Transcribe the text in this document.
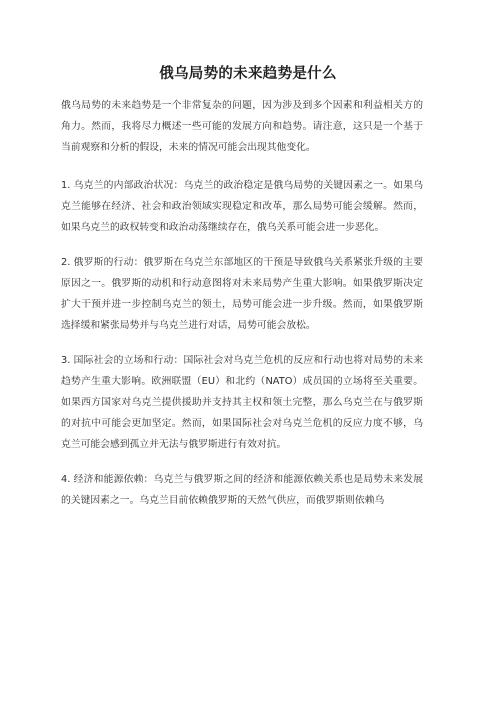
俄乌局势的未来趋势是什么

俄乌局势的未来趋势是一个非常复杂的问题，因为涉及到多个因素和利益相关方的角力。然而，我将尽力概述一些可能的发展方向和趋势。请注意，这只是一个基于当前观察和分析的假设，未来的情况可能会出现其他变化。

1. 乌克兰的内部政治状况：乌克兰的政治稳定是俄乌局势的关键因素之一。如果乌克兰能够在经济、社会和政治领域实现稳定和改革，那么局势可能会缓解。然而，如果乌克兰的政权转变和政治动荡继续存在，俄乌关系可能会进一步恶化。

2. 俄罗斯的行动：俄罗斯在乌克兰东部地区的干预是导致俄乌关系紧张升级的主要原因之一。俄罗斯的动机和行动意图将对未来局势产生重大影响。如果俄罗斯决定扩大干预并进一步控制乌克兰的领土，局势可能会进一步升级。然而，如果俄罗斯选择缓和紧张局势并与乌克兰进行对话，局势可能会放松。

3. 国际社会的立场和行动：国际社会对乌克兰危机的反应和行动也将对局势的未来趋势产生重大影响。欧洲联盟（EU）和北约（NATO）成员国的立场将至关重要。如果西方国家对乌克兰提供援助并支持其主权和领土完整，那么乌克兰在与俄罗斯的对抗中可能会更加坚定。然而，如果国际社会对乌克兰危机的反应力度不够，乌克兰可能会感到孤立并无法与俄罗斯进行有效对抗。

4. 经济和能源依赖：乌克兰与俄罗斯之间的经济和能源依赖关系也是局势未来发展的关键因素之一。乌克兰目前依赖俄罗斯的天然气供应，而俄罗斯则依赖乌
